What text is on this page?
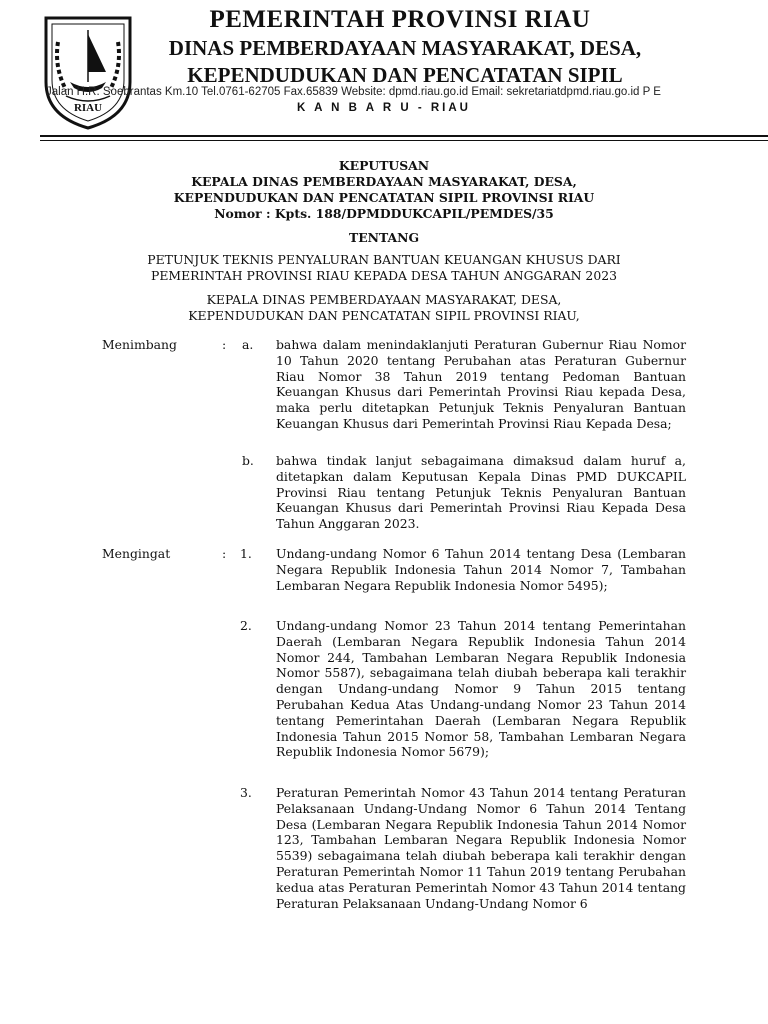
RIAU
PEMERINTAH PROVINSI RIAU
DINAS PEMBERDAYAAN MASYARAKAT, DESA,
KEPENDUDUKAN DAN PENCATATAN SIPIL
Jalan H.R. Soebrantas Km.10 Tel.0761-62705 Fax.65839 Website: dpmd.riau.go.id Email: sekretariatdpmd.riau.go.id P E
K A N B A R U - RIAU
KEPUTUSAN
KEPALA DINAS PEMBERDAYAAN MASYARAKAT, DESA,
KEPENDUDUKAN DAN PENCATATAN SIPIL PROVINSI RIAU
Nomor : Kpts. 188/DPMDDUKCAPIL/PEMDES/35
TENTANG
PETUNJUK TEKNIS PENYALURAN BANTUAN KEUANGAN KHUSUS DARI
PEMERINTAH PROVINSI RIAU KEPADA DESA TAHUN ANGGARAN 2023
KEPALA DINAS PEMBERDAYAAN MASYARAKAT, DESA,
KEPENDUDUKAN DAN PENCATATAN SIPIL PROVINSI RIAU,
Menimbang	: a. bahwa dalam menindaklanjuti Peraturan Gubernur Riau Nomor 10 Tahun 2020 tentang Perubahan atas Peraturan Gubernur Riau Nomor 38 Tahun 2019 tentang Pedoman Bantuan Keuangan Khusus dari Pemerintah Provinsi Riau kepada Desa, maka perlu ditetapkan Petunjuk Teknis Penyaluran Bantuan Keuangan Khusus dari Pemerintah Provinsi Riau Kepada Desa;
b. bahwa tindak lanjut sebagaimana dimaksud dalam huruf a, ditetapkan dalam Keputusan Kepala Dinas PMD DUKCAPIL Provinsi Riau tentang Petunjuk Teknis Penyaluran Bantuan Keuangan Khusus dari Pemerintah Provinsi Riau Kepada Desa Tahun Anggaran 2023.
Mengingat	: 1. Undang-undang Nomor 6 Tahun 2014 tentang Desa (Lembaran Negara Republik Indonesia Tahun 2014 Nomor 7, Tambahan Lembaran Negara Republik Indonesia Nomor 5495);
2. Undang-undang Nomor 23 Tahun 2014 tentang Pemerintahan Daerah (Lembaran Negara Republik Indonesia Tahun 2014 Nomor 244, Tambahan Lembaran Negara Republik Indonesia Nomor 5587), sebagaimana telah diubah beberapa kali terakhir dengan Undang-undang Nomor 9 Tahun 2015 tentang Perubahan Kedua Atas Undang-undang Nomor 23 Tahun 2014 tentang Pemerintahan Daerah (Lembaran Negara Republik Indonesia Tahun 2015 Nomor 58, Tambahan Lembaran Negara Republik Indonesia Nomor 5679);
3. Peraturan Pemerintah Nomor 43 Tahun 2014 tentang Peraturan Pelaksanaan Undang-Undang Nomor 6 Tahun 2014 Tentang Desa (Lembaran Negara Republik Indonesia Tahun 2014 Nomor 123, Tambahan Lembaran Negara Republik Indonesia Nomor 5539) sebagaimana telah diubah beberapa kali terakhir dengan Peraturan Pemerintah Nomor 11 Tahun 2019 tentang Perubahan kedua atas Peraturan Pemerintah Nomor 43 Tahun 2014 tentang Peraturan Pelaksanaan Undang-Undang Nomor 6
